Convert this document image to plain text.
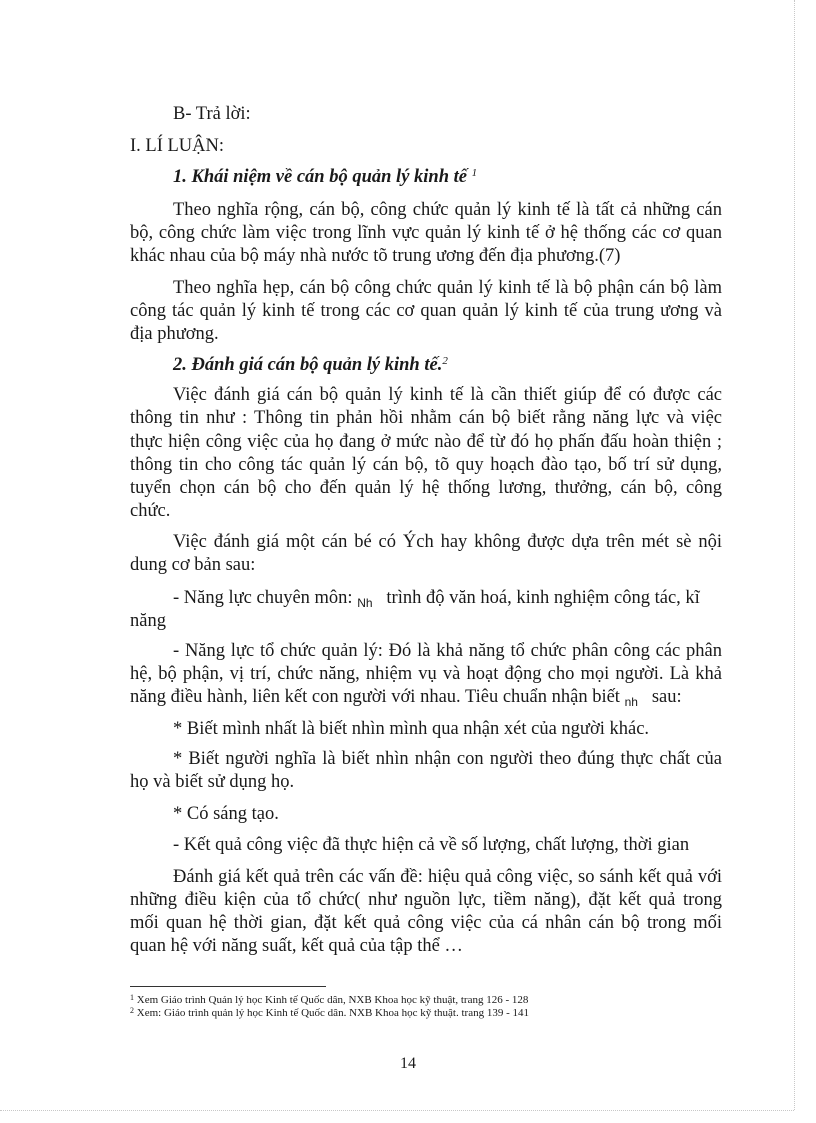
B- Trả lời:

I. LÍ LUẬN:

1. Khái niệm về cán bộ quản lý kinh tế $^1$

Theo nghĩa rộng, cán bộ, công chức quản lý kinh tế là tất cả những cán

bộ, công chức làm việc trong lĩnh vực quản lý kinh tế ở hệ thống các cơ quan

khác nhau của bộ máy nhà nước tõ trung ương đến địa phương.(7)

Theo nghĩa hẹp, cán bộ công chức quản lý kinh tế là bộ phận cán bộ làm

công tác quản lý kinh tế trong các cơ quan quản lý kinh tế của trung ương và

địa phương.

2. Đánh giá cán bộ quản lý kinh tế.$^2$

Việc đánh giá cán bộ quản lý kinh tế là cần thiết giúp để có được các

thông tin như : Thông tin phản hồi nhằm cán bộ biết rằng năng lực và việc

thực hiện công việc của họ đang ở mức nào để từ đó họ phấn đấu hoàn thiện ;

thông tin cho công tác quản lý cán bộ, tõ quy hoạch đào tạo, bố trí sử dụng,

tuyển chọn cán bộ cho đến quản lý hệ thống lương, thưởng, cán bộ, công

chức.

Việc đánh giá một cán bé có Ých hay không được dựa trên mét sè nội

dung cơ bản sau:

- Năng lực chuyên môn: $_{Nh}$ trình độ văn hoá, kinh nghiệm công tác, kĩ

năng

- Năng lực tổ chức quản lý: Đó là khả năng tổ chức phân công các phân

hệ, bộ phận, vị trí, chức năng, nhiệm vụ và hoạt động cho mọi người. Là khả

năng điều hành, liên kết con người với nhau. Tiêu chuẩn nhận biết $_{nh}$ sau:

* Biết mình nhất là biết nhìn mình qua nhận xét của người khác.

* Biết người nghĩa là biết nhìn nhận con người theo đúng thực chất của

họ và biết sử dụng họ.

* Có sáng tạo.

- Kết quả công việc đã thực hiện cả về số lượng, chất lượng, thời gian

Đánh giá kết quả trên các vấn đề: hiệu quả công việc, so sánh kết quả với

những điều kiện của tổ chức( như nguồn lực, tiềm năng), đặt kết quả trong

mối quan hệ thời gian, đặt kết quả công việc của cá nhân cán bộ trong mối

quan hệ với năng suất, kết quả của tập thể …

$^1$ Xem Giáo trình Quản lý học Kinh tế Quốc dân, NXB Khoa học kỹ thuật, trang 126 - 128

$^2$ Xem: Giáo trình quản lý học Kinh tế Quốc dân. NXB Khoa học kỹ thuật. trang 139 - 141

14
